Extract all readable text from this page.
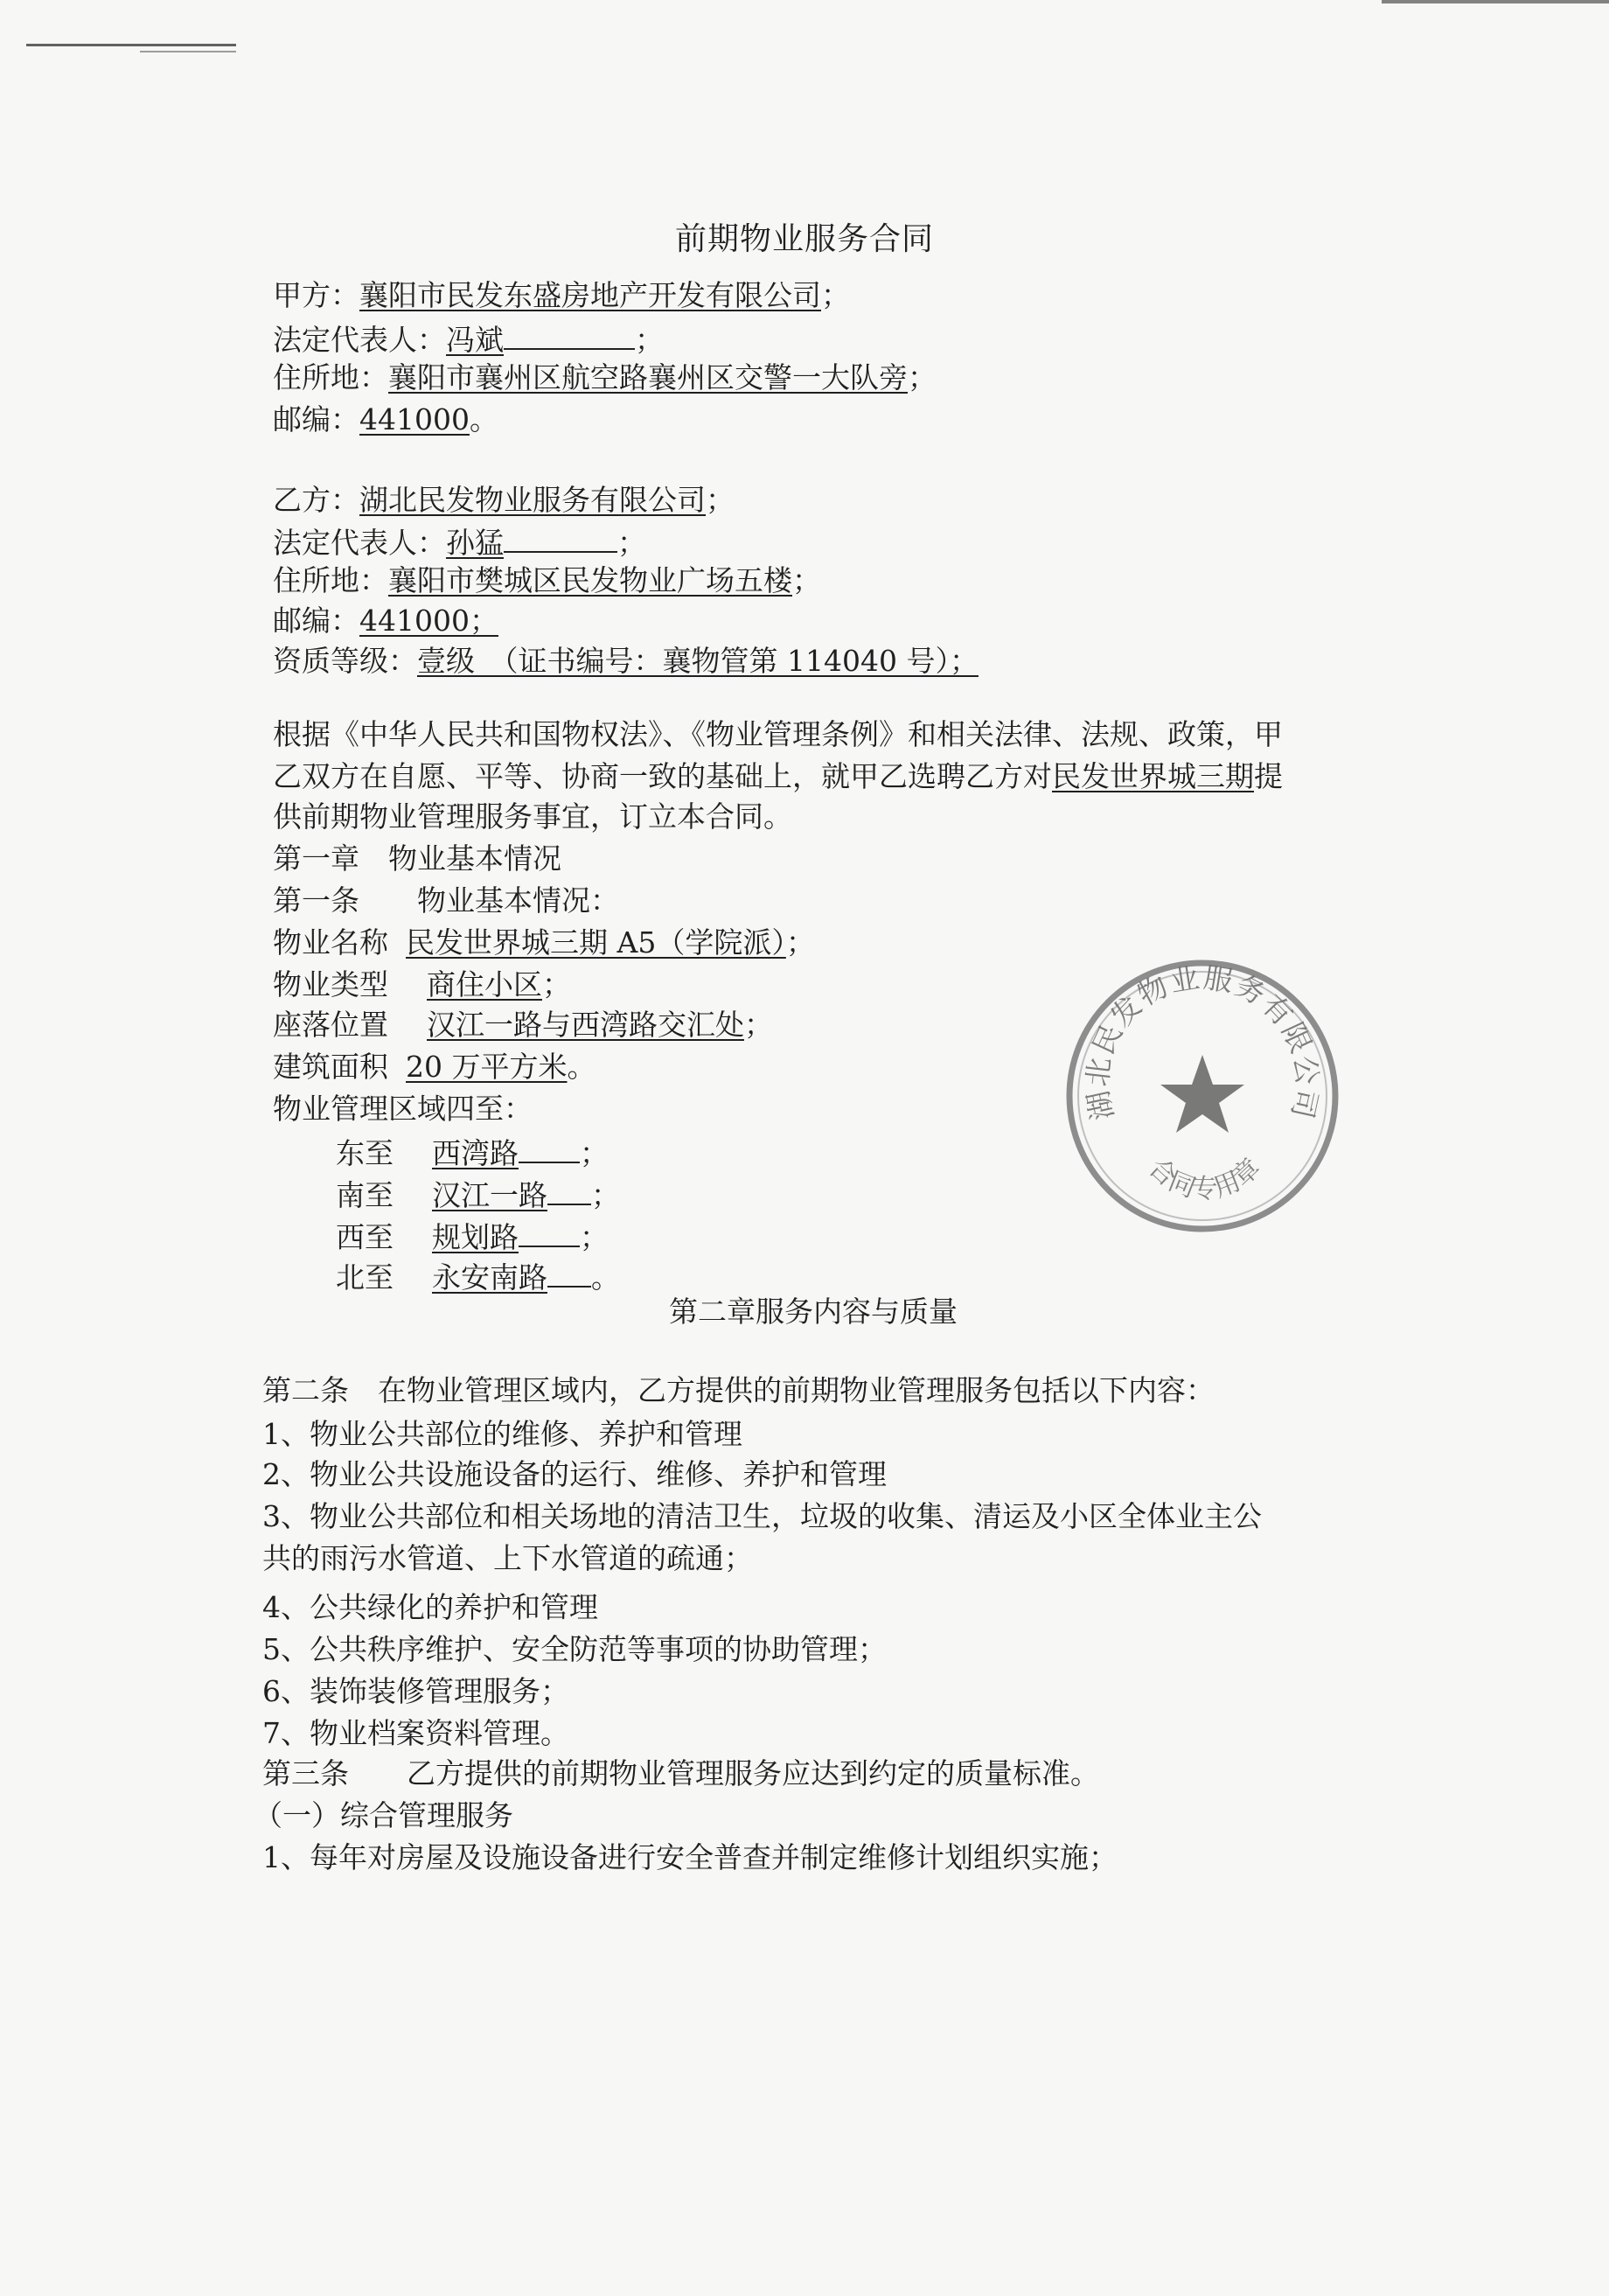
前期物业服务合同
甲方：襄阳市民发东盛房地产开发有限公司；
法定代表人：冯斌	；
住所地：襄阳市襄州区航空路襄州区交警一大队旁；
邮编：441000。
乙方：湖北民发物业服务有限公司；
法定代表人：孙猛	；
住所地：襄阳市樊城区民发物业广场五楼；
邮编：441000；
资质等级：壹级　（证书编号：襄物管第 114040 号）；
根据《中华人民共和国物权法》、《物业管理条例》和相关法律、法规、政策，甲
乙双方在自愿、平等、协商一致的基础上，就甲乙选聘乙方对民发世界城三期提
供前期物业管理服务事宜，订立本合同。
第一章　物业基本情况
第一条　　物业基本情况：
物业名称 民发世界城三期 A5（学院派）；
物业类型 商住小区；
座落位置 汉江一路与西湾路交汇处；
建筑面积 20 万平方米。
物业管理区域四至：
东至 西湾路 ；
南至 汉江一路 ；
西至 规划路 ；
北至 永安南路 。
第二章服务内容与质量
第二条　在物业管理区域内，乙方提供的前期物业管理服务包括以下内容：
1、物业公共部位的维修、养护和管理
2、物业公共设施设备的运行、维修、养护和管理
3、物业公共部位和相关场地的清洁卫生，垃圾的收集、清运及小区全体业主公
共的雨污水管道、上下水管道的疏通；
4、公共绿化的养护和管理
5、公共秩序维护、安全防范等事项的协助管理；
6、装饰装修管理服务；
7、物业档案资料管理。
第三条　　乙方提供的前期物业管理服务应达到约定的质量标准。
（一）综合管理服务
1、每年对房屋及设施设备进行安全普查并制定维修计划组织实施；
湖北民发物业服务有限公司
合同专用章
